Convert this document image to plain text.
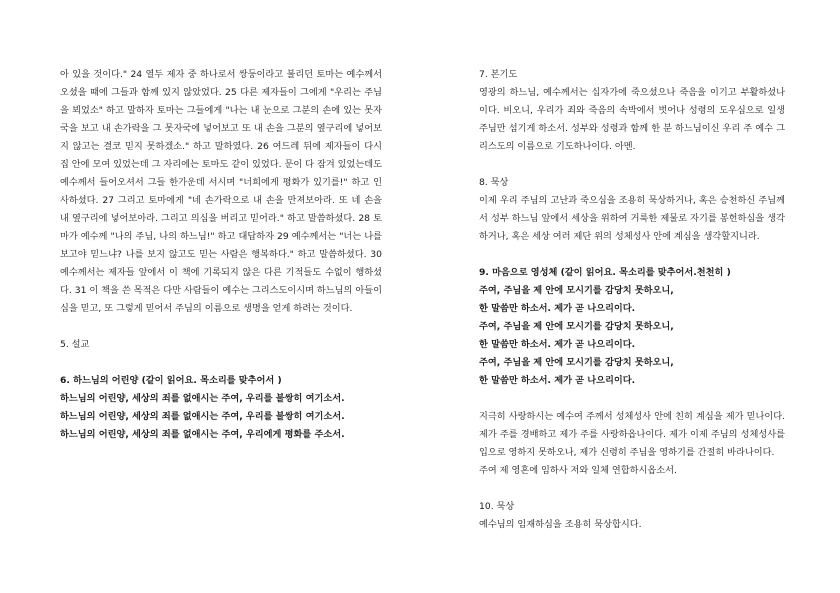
아 있을 것이다." 24 열두 제자 중 하나로서 쌍둥이라고 불리던 토마는 예수께서 오셨을 때에 그들과 함께 있지 않았었다. 25 다른 제자들이 그에게 "우리는 주님을 뵈었소" 하고 말하자 토마는 그들에게 "나는 내 눈으로 그분의 손에 있는 못자국을 보고 내 손가락을 그 못자국에 넣어보고 또 내 손을 그분의 옆구리에 넣어보지 않고는 결코 믿지 못하겠소." 하고 말하였다. 26 여드레 뒤에 제자들이 다시 집 안에 모여 있었는데 그 자리에는 토마도 같이 있었다. 문이 다 잠겨 있었는데도 예수께서 들어오셔서 그들 한가운데 서시며 "너희에게 평화가 있기를!" 하고 인사하셨다. 27 그리고 토마에게 "네 손가락으로 내 손을 만져보아라. 또 네 손을 내 옆구리에 넣어보아라. 그리고 의심을 버리고 믿어라." 하고 말씀하셨다. 28 토마가 예수께 "나의 주님, 나의 하느님!" 하고 대답하자 29 예수께서는 "너는 나를 보고야 믿느냐? 나를 보지 않고도 믿는 사람은 행복하다." 하고 말씀하셨다. 30 예수께서는 제자들 앞에서 이 책에 기록되지 않은 다른 기적들도 수없이 행하셨다. 31 이 책을 쓴 목적은 다만 사람들이 예수는 그리스도이시며 하느님의 아들이심을 믿고, 또 그렇게 믿어서 주님의 이름으로 생명을 얻게 하려는 것이다.

5. 설교

6. 하느님의 어린양 (같이 읽어요. 목소리를 맞추어서 )

하느님의 어린양, 세상의 죄를 없애시는 주여, 우리를 불쌍히 여기소서.

하느님의 어린양, 세상의 죄를 없애시는 주여, 우리를 불쌍히 여기소서.

하느님의 어린양, 세상의 죄를 없애시는 주여, 우리에게 평화를 주소서.

7. 본기도

영광의 하느님, 예수께서는 십자가에 죽으셨으나 죽음을 이기고 부활하셨나이다. 비오니, 우리가 죄와 죽음의 속박에서 벗어나 성령의 도우심으로 일생 주님만 섬기게 하소서. 성부와 성령과 함께 한 분 하느님이신 우리 주 예수 그리스도의 이름으로 기도하나이다. 아멘.

8. 묵상

이제 우리 주님의 고난과 죽으심을 조용히 묵상하거나, 혹은 승천하신 주님께서 성부 하느님 앞에서 세상을 위하여 거룩한 제물로 자기를 봉헌하심을 생각하거나, 혹은 세상 여러 제단 위의 성체성사 안에 계심을 생각할지니라.

9. 마음으로 영성체 (같이 읽어요. 목소리를 맞추어서.천천히 )

주여, 주님을 제 안에 모시기를 감당치 못하오니,

한 말씀만 하소서. 제가 곧 나으리이다.

주여, 주님을 제 안에 모시기를 감당치 못하오니,

한 말씀만 하소서. 제가 곧 나으리이다.

주여, 주님을 제 안에 모시기를 감당치 못하오니,

한 말씀만 하소서. 제가 곧 나으리이다.

지극히 사랑하시는 예수여 주께서 성체성사 안에 친히 계심을 제가 믿나이다. 제가 주를 경배하고 제가 주를 사랑하옵나이다. 제가 이제 주님의 성체성사를 입으로 영하지 못하오나, 제가 신령히 주님을 영하기를 간절히 바라나이다.

주여 제 영혼에 임하사 저와 일체 연합하시옵소서.

10. 묵상

예수님의 임재하심을 조용히 묵상합시다.
